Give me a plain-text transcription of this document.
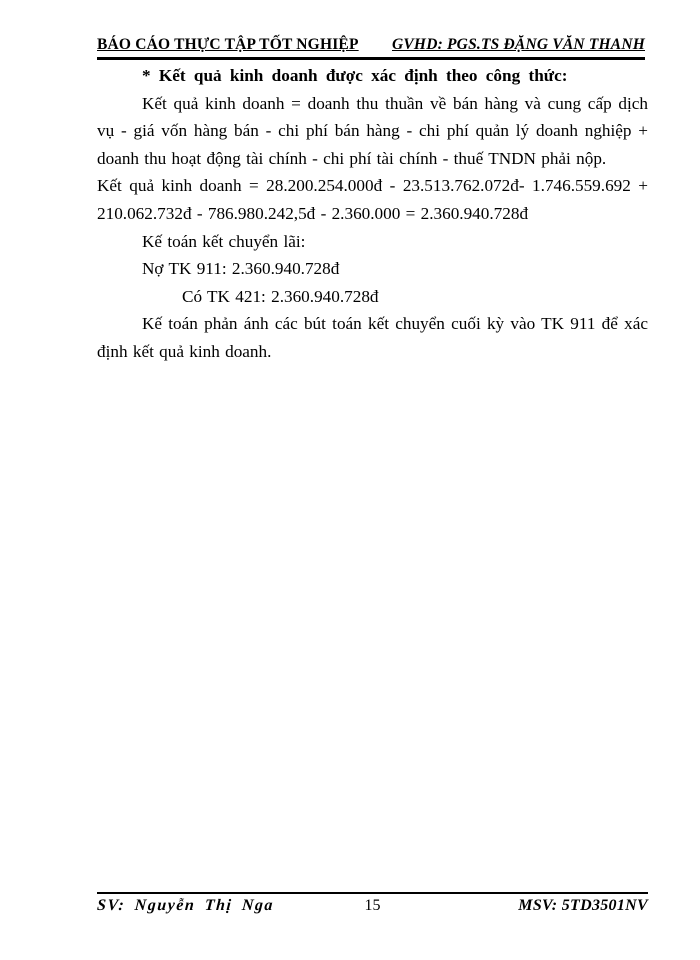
BÁO CÁO THỰC TẬP TỐT NGHIỆP GVHD: PGS.TS ĐẶNG VĂN THANH

* Kết quả kinh doanh được xác định theo công thức:

Kết quả kinh doanh = doanh thu thuần về bán hàng và cung cấp dịch vụ - giá vốn hàng bán - chi phí bán hàng - chi phí quản lý doanh nghiệp + doanh thu hoạt động tài chính - chi phí tài chính - thuế TNDN phải nộp.

Kết quả kinh doanh = 28.200.254.000đ - 23.513.762.072đ- 1.746.559.692 + 210.062.732đ - 786.980.242,5đ - 2.360.000 = 2.360.940.728đ

Kế toán kết chuyển lãi:

Nợ TK 911: 2.360.940.728đ

Có TK 421: 2.360.940.728đ

Kế toán phản ánh các bút toán kết chuyển cuối kỳ vào TK 911 để xác định kết quả kinh doanh.

SV: Nguyễn Thị Nga	15	MSV: 5TD3501NV
